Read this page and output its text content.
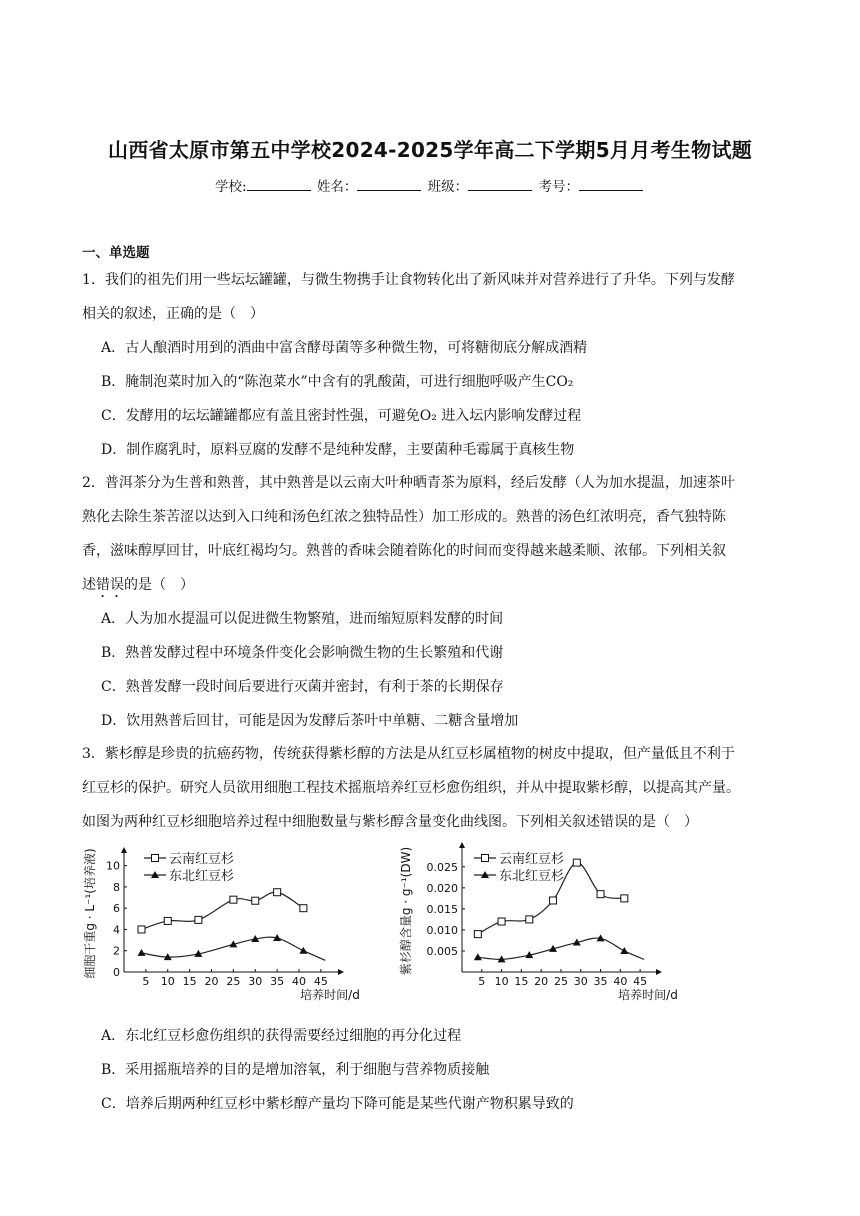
山西省太原市第五中学校2024-2025学年高二下学期5月月考生物试题
学校:	姓名：	班级：	考号：
一、单选题
1．我们的祖先们用一些坛坛罐罐，与微生物携手让食物转化出了新风味并对营养进行了升华。下列与发酵
相关的叙述，正确的是（　）
A．古人酿酒时用到的酒曲中富含酵母菌等多种微生物，可将糖彻底分解成酒精
B．腌制泡菜时加入的“陈泡菜水”中含有的乳酸菌，可进行细胞呼吸产生CO₂
C．发酵用的坛坛罐罐都应有盖且密封性强，可避免O₂ 进入坛内影响发酵过程
D．制作腐乳时，原料豆腐的发酵不是纯种发酵，主要菌种毛霉属于真核生物
2．普洱茶分为生普和熟普，其中熟普是以云南大叶种晒青茶为原料，经后发酵（人为加水提温，加速茶叶
熟化去除生茶苦涩以达到入口纯和汤色红浓之独特品性）加工形成的。熟普的汤色红浓明亮，香气独特陈
香，滋味醇厚回甘，叶底红褐均匀。熟普的香味会随着陈化的时间而变得越来越柔顺、浓郁。下列相关叙
述错误的是（　）
A．人为加水提温可以促进微生物繁殖，进而缩短原料发酵的时间
B．熟普发酵过程中环境条件变化会影响微生物的生长繁殖和代谢
C．熟普发酵一段时间后要进行灭菌并密封，有利于茶的长期保存
D．饮用熟普后回甘，可能是因为发酵后茶叶中单糖、二糖含量增加
3．紫杉醇是珍贵的抗癌药物，传统获得紫杉醇的方法是从红豆杉属植物的树皮中提取，但产量低且不利于
红豆杉的保护。研究人员欲用细胞工程技术摇瓶培养红豆杉愈伤组织，并从中提取紫杉醇，以提高其产量。
如图为两种红豆杉细胞培养过程中细胞数量与紫杉醇含量变化曲线图。下列相关叙述错误的是（　）
5 10 15 20 25 30 35 40 45
0
2
4
6
8
10
培养时间/d
细胞干重g · L⁻¹(培养液)	云南红豆杉
东北红豆杉
5 10 15 20 25 30 35 40 45
0.005
0.010
0.015
0.020
0.025
培养时间/d
紫杉醇含量g · g⁻¹(DW)	云南红豆杉
东北红豆杉
A．东北红豆杉愈伤组织的获得需要经过细胞的再分化过程
B．采用摇瓶培养的目的是增加溶氧，利于细胞与营养物质接触
C．培养后期两种红豆杉中紫杉醇产量均下降可能是某些代谢产物积累导致的
